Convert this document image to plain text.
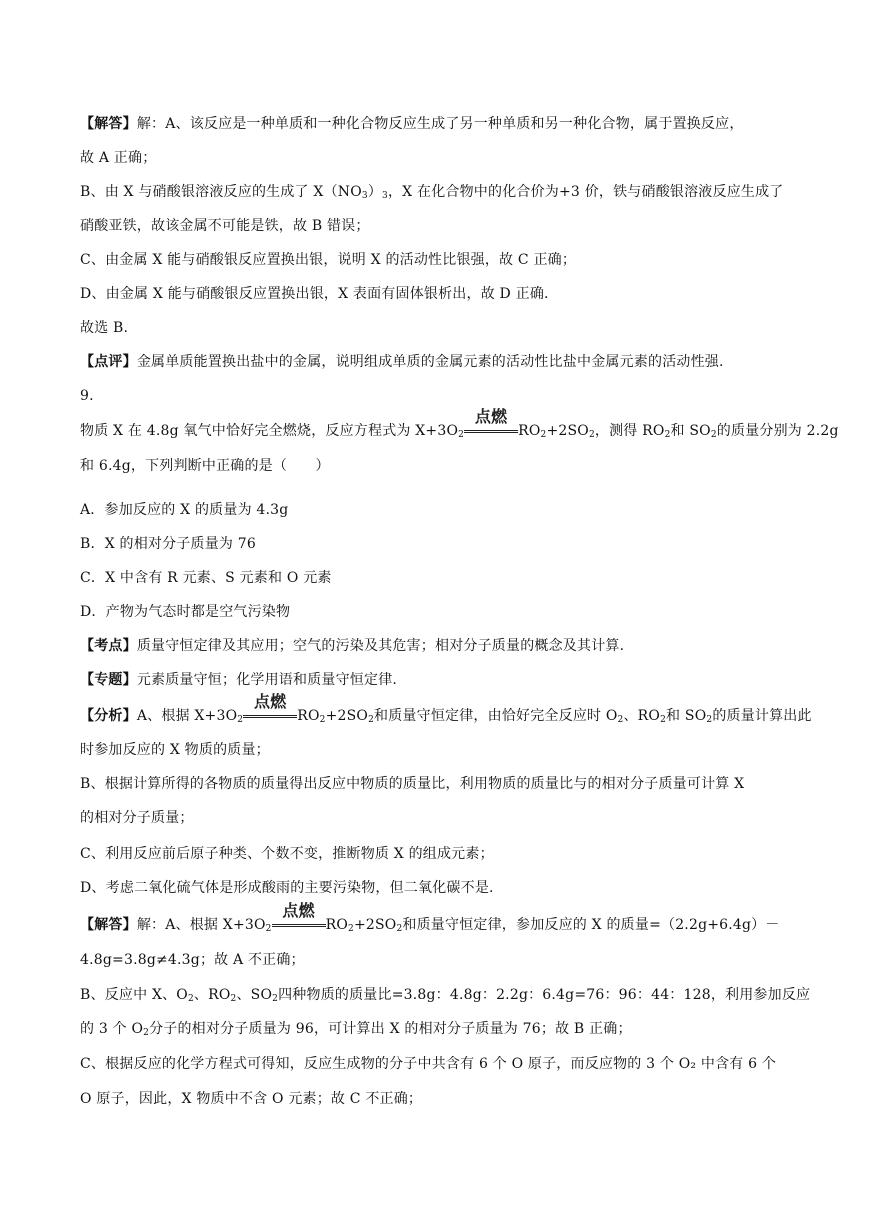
【解答】解：A、该反应是一种单质和一种化合物反应生成了另一种单质和另一种化合物，属于置换反应，
故 A 正确；
B、由 X 与硝酸银溶液反应的生成了 $X(NO_3)_3$，X 在化合物中的化合价为+3 价，铁与硝酸银溶液反应生成了
硝酸亚铁，故该金属不可能是铁，故 B 错误；
C、由金属 X 能与硝酸银反应置换出银，说明 X 的活动性比银强，故 C 正确；
D、由金属 X 能与硝酸银反应置换出银，X 表面有固体银析出，故 D 正确.
故选 B.
【点评】金属单质能置换出盐中的金属，说明组成单质的金属元素的活动性比盐中金属元素的活动性强.
9.
物质 X 在 4.8g 氧气中恰好完全燃烧，反应方程式为 $X+3O_2$
点燃
$RO_2+2SO_2$，测得 $RO_2$和 $SO_2$的质量分别为 2.2g
和 6.4g，下列判断中正确的是（　　）
A．参加反应的 X 的质量为 4.3g
B．X 的相对分子质量为 76
C．X 中含有 R 元素、S 元素和 O 元素
D．产物为气态时都是空气污染物
【考点】质量守恒定律及其应用；空气的污染及其危害；相对分子质量的概念及其计算.
【专题】元素质量守恒；化学用语和质量守恒定律.
【分析】A、根据 $X+3O_2$
点燃
$RO_2+2SO_2$和质量守恒定律，由恰好完全反应时 $O_2$、$RO_2$和 $SO_2$的质量计算出此
时参加反应的 X 物质的质量；
B、根据计算所得的各物质的质量得出反应中物质的质量比，利用物质的质量比与的相对分子质量可计算 X
的相对分子质量；
C、利用反应前后原子种类、个数不变，推断物质 X 的组成元素；
D、考虑二氧化硫气体是形成酸雨的主要污染物，但二氧化碳不是.
【解答】解：A、根据 $X+3O_2$
点燃
$RO_2+2SO_2$和质量守恒定律，参加反应的 X 的质量=（2.2g+6.4g）－
4.8g=3.8g≠4.3g；故 A 不正确；
B、反应中 X、$O_2$、$RO_2$、$SO_2$四种物质的质量比=3.8g：4.8g：2.2g：6.4g=76：96：44：128，利用参加反应
的 3 个 $O_2$分子的相对分子质量为 96，可计算出 X 的相对分子质量为 76；故 B 正确；
C、根据反应的化学方程式可得知，反应生成物的分子中共含有 6 个 O 原子，而反应物的 3 个 O₂ 中含有 6 个
O 原子，因此，X 物质中不含 O 元素；故 C 不正确；
